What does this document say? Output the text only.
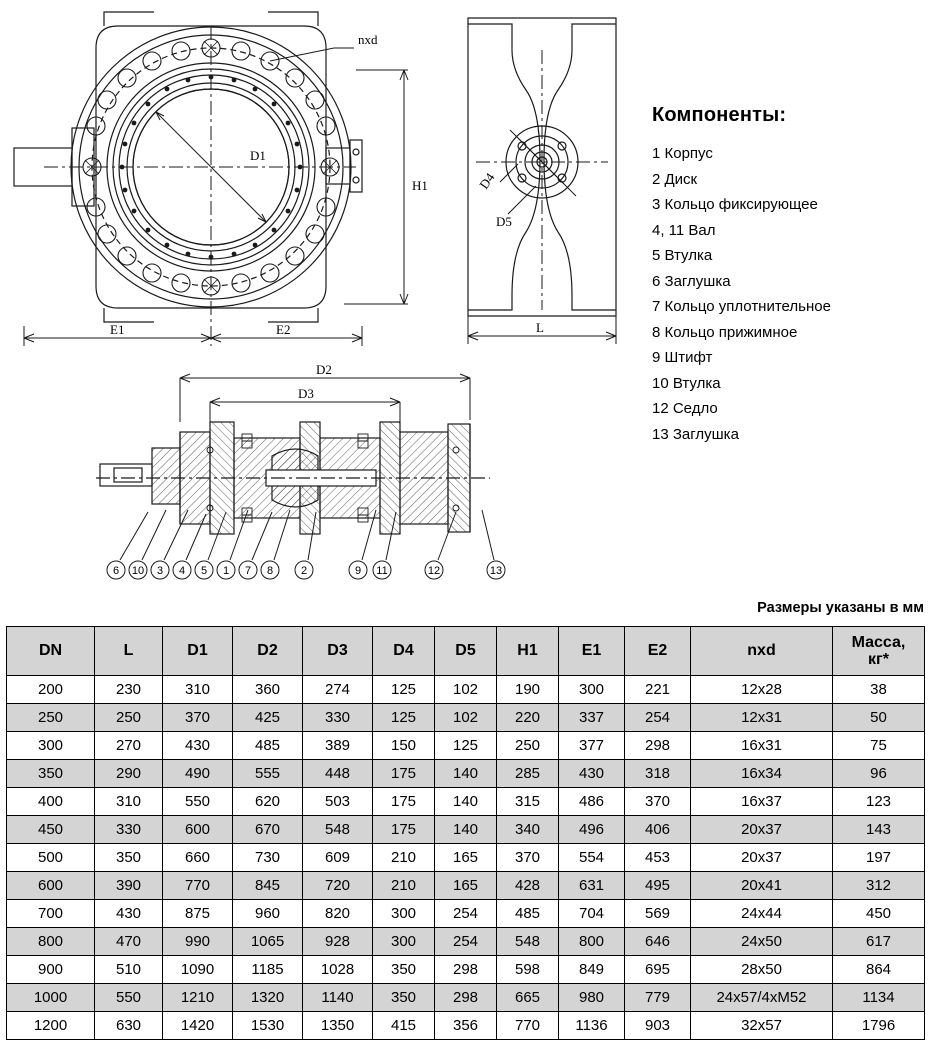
nxd
D1
H1
E1	E2
D4
D5
L
D2
D3
6 10 3 4 5 1 7 8	2	9 11	12	13
Компоненты:
1 Корпус
2 Диск
3 Кольцо фиксирующее
4, 11 Вал
5 Втулка
6 Заглушка
7 Кольцо уплотнительное
8 Кольцо прижимное
9 Штифт
10 Втулка
12 Седло
13 Заглушка
Размеры указаны в мм
DN	L	D1	D2	D3	D4	D5	H1	E1	E2	nxd	Масса,
кг*
200	230	310	360	274	125	102	190	300	221	12x28	38
250	250	370	425	330	125	102	220	337	254	12x31	50
300	270	430	485	389	150	125	250	377	298	16x31	75
350	290	490	555	448	175	140	285	430	318	16x34	96
400	310	550	620	503	175	140	315	486	370	16x37	123
450	330	600	670	548	175	140	340	496	406	20x37	143
500	350	660	730	609	210	165	370	554	453	20x37	197
600	390	770	845	720	210	165	428	631	495	20x41	312
700	430	875	960	820	300	254	485	704	569	24x44	450
800	470	990	1065	928	300	254	548	800	646	24x50	617
900	510	1090	1185	1028	350	298	598	849	695	28x50	864
1000	550	1210	1320	1140	350	298	665	980	779	24x57/4xM52	1134
1200	630	1420	1530	1350	415	356	770	1136	903	32x57	1796
